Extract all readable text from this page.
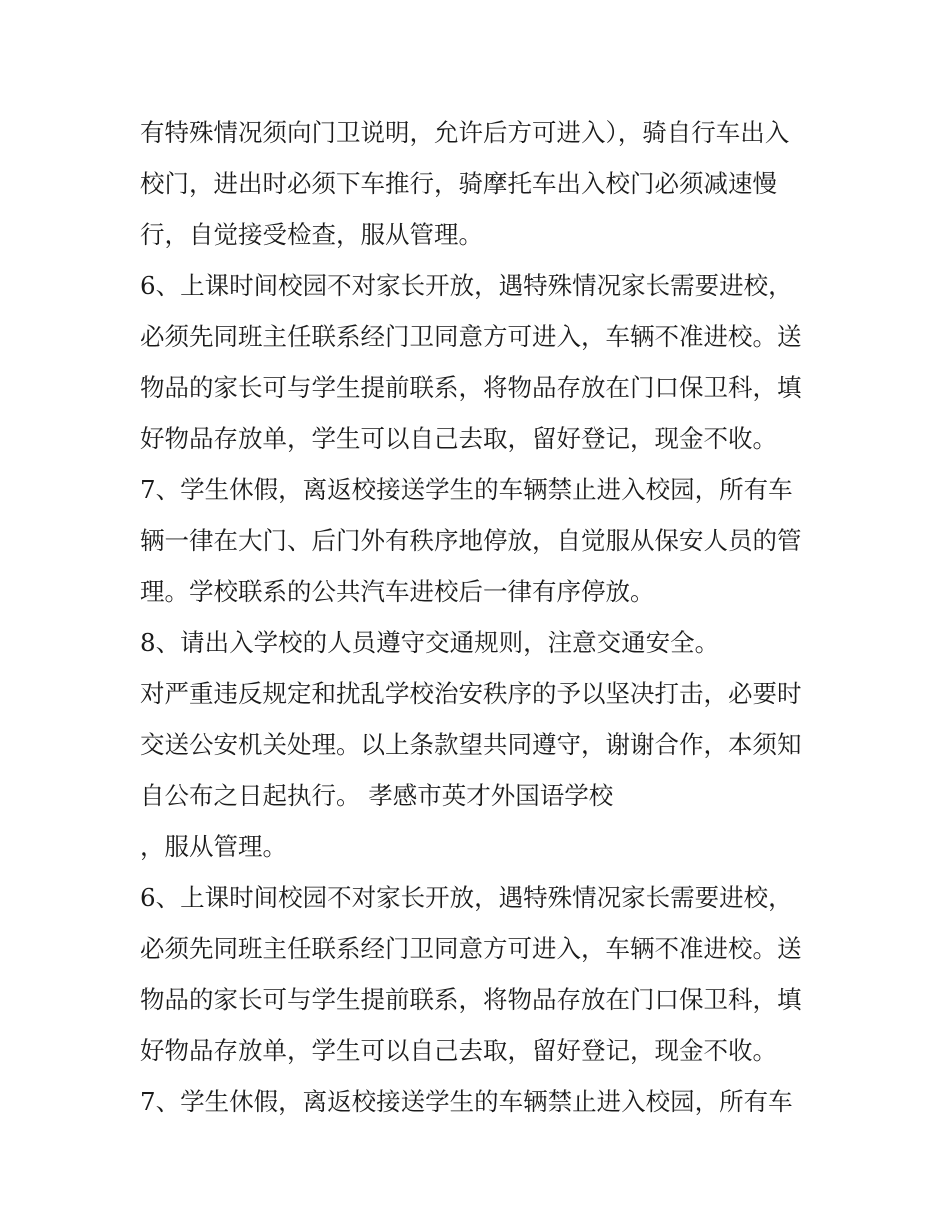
有特殊情况须向门卫说明，允许后方可进入），骑自行车出入
校门，进出时必须下车推行，骑摩托车出入校门必须减速慢
行，自觉接受检查，服从管理。
6、上课时间校园不对家长开放，遇特殊情况家长需要进校，
必须先同班主任联系经门卫同意方可进入，车辆不准进校。送
物品的家长可与学生提前联系，将物品存放在门口保卫科，填
好物品存放单，学生可以自己去取，留好登记，现金不收。
7、学生休假，离返校接送学生的车辆禁止进入校园，所有车
辆一律在大门、后门外有秩序地停放，自觉服从保安人员的管
理。学校联系的公共汽车进校后一律有序停放。
8、请出入学校的人员遵守交通规则，注意交通安全。
对严重违反规定和扰乱学校治安秩序的予以坚决打击，必要时
交送公安机关处理。以上条款望共同遵守，谢谢合作，本须知
自公布之日起执行。 孝感市英才外国语学校
，服从管理。
6、上课时间校园不对家长开放，遇特殊情况家长需要进校，
必须先同班主任联系经门卫同意方可进入，车辆不准进校。送
物品的家长可与学生提前联系，将物品存放在门口保卫科，填
好物品存放单，学生可以自己去取，留好登记，现金不收。
7、学生休假，离返校接送学生的车辆禁止进入校园，所有车
